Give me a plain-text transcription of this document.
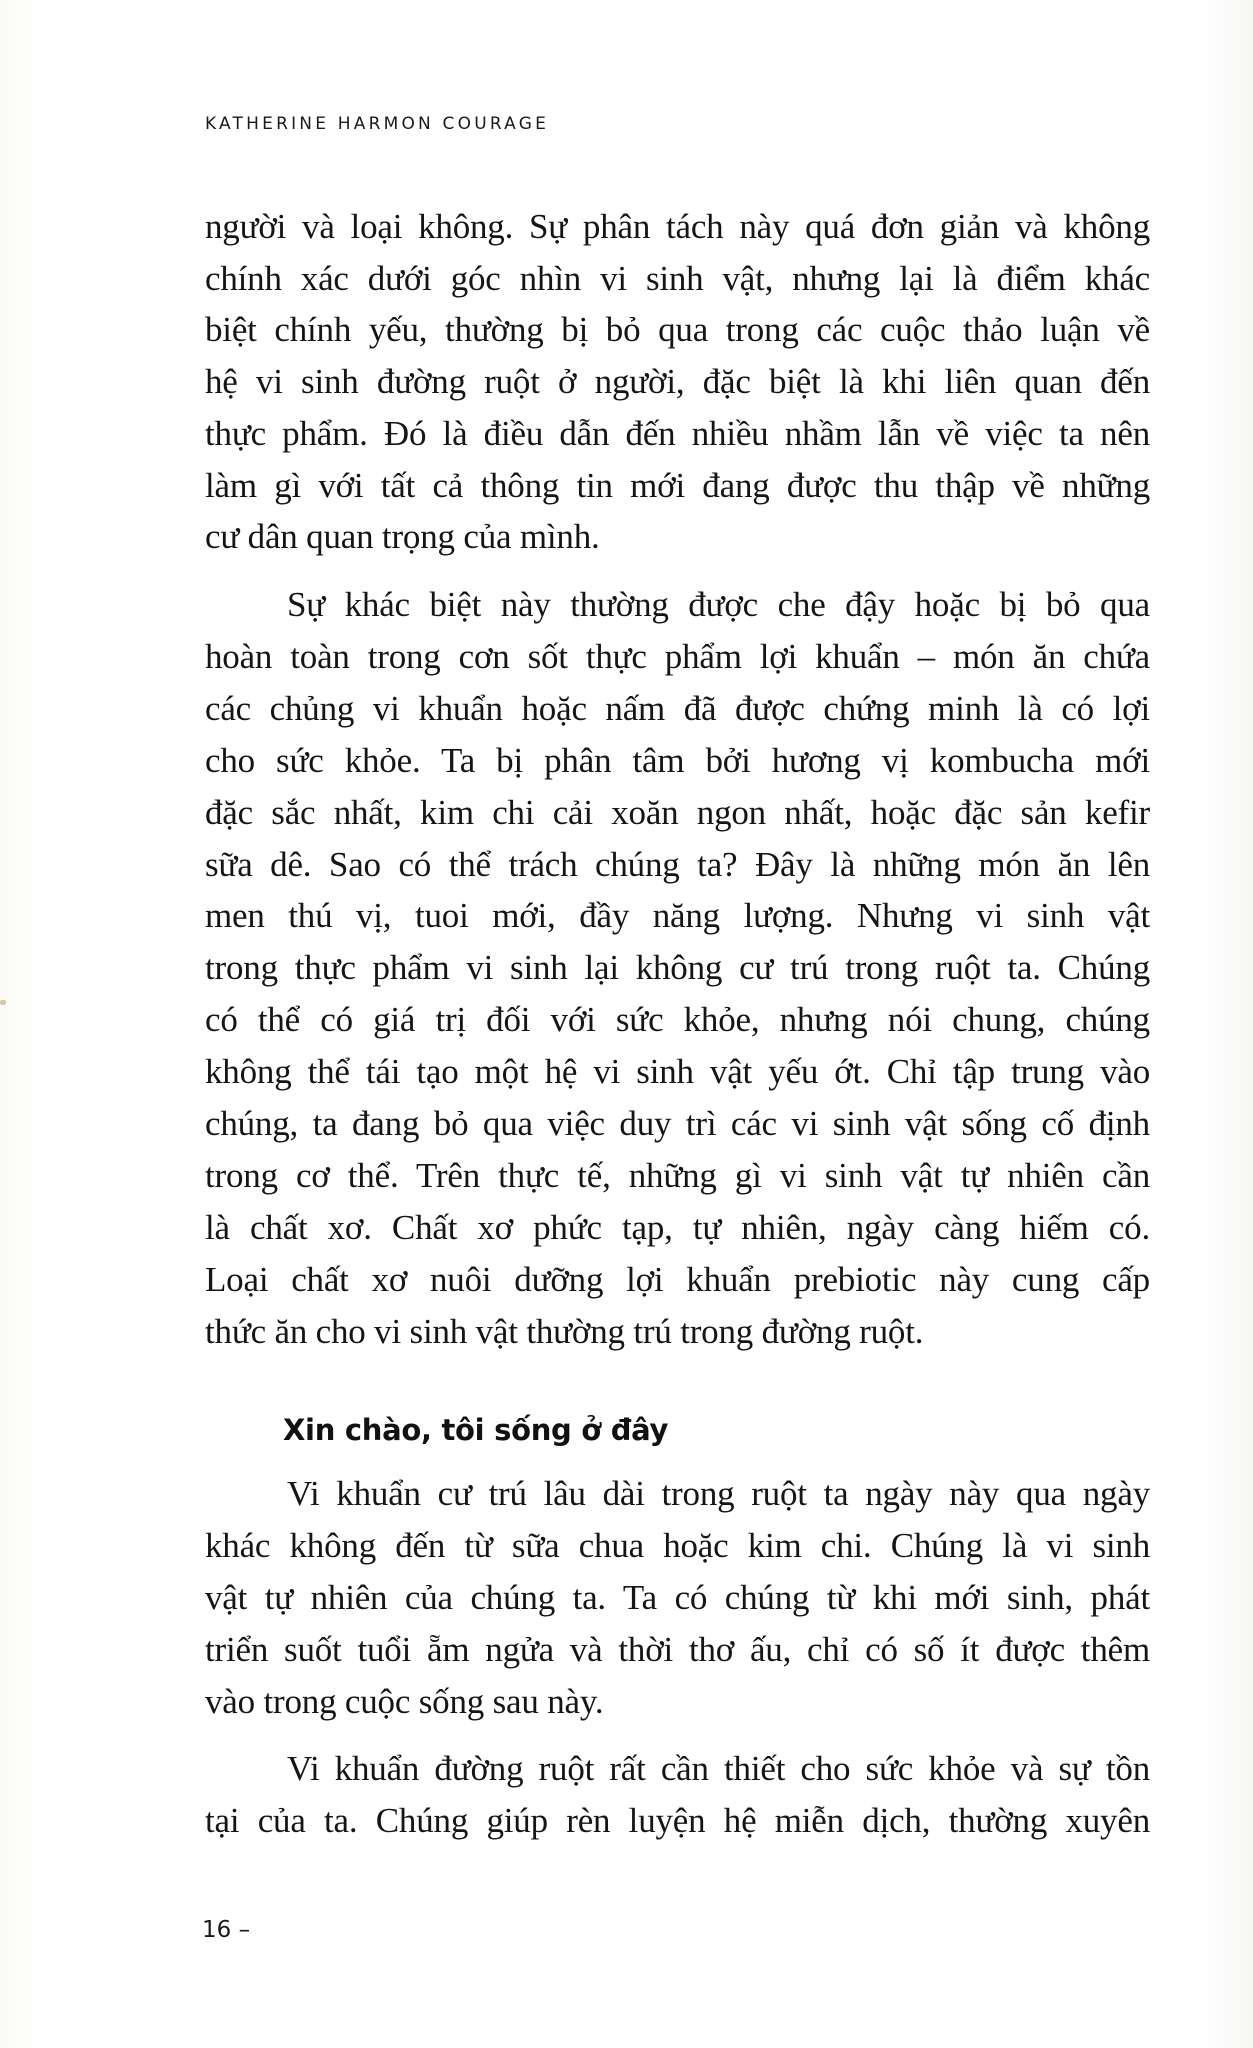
KATHERINE HARMON COURAGE
người và loại không. Sự phân tách này quá đơn giản và không
chính xác dưới góc nhìn vi sinh vật, nhưng lại là điểm khác
biệt chính yếu, thường bị bỏ qua trong các cuộc thảo luận về
hệ vi sinh đường ruột ở người, đặc biệt là khi liên quan đến
thực phẩm. Đó là điều dẫn đến nhiều nhầm lẫn về việc ta nên
làm gì với tất cả thông tin mới đang được thu thập về những
cư dân quan trọng của mình.
Sự khác biệt này thường được che đậy hoặc bị bỏ qua
hoàn toàn trong cơn sốt thực phẩm lợi khuẩn – món ăn chứa
các chủng vi khuẩn hoặc nấm đã được chứng minh là có lợi
cho sức khỏe. Ta bị phân tâm bởi hương vị kombucha mới
đặc sắc nhất, kim chi cải xoăn ngon nhất, hoặc đặc sản kefir
sữa dê. Sao có thể trách chúng ta? Đây là những món ăn lên
men thú vị, tuoi mới, đầy năng lượng. Nhưng vi sinh vật
trong thực phẩm vi sinh lại không cư trú trong ruột ta. Chúng
có thể có giá trị đối với sức khỏe, nhưng nói chung, chúng
không thể tái tạo một hệ vi sinh vật yếu ớt. Chỉ tập trung vào
chúng, ta đang bỏ qua việc duy trì các vi sinh vật sống cố định
trong cơ thể. Trên thực tế, những gì vi sinh vật tự nhiên cần
là chất xơ. Chất xơ phức tạp, tự nhiên, ngày càng hiếm có.
Loại chất xơ nuôi dưỡng lợi khuẩn prebiotic này cung cấp
thức ăn cho vi sinh vật thường trú trong đường ruột.
Xin chào, tôi sống ở đây
Vi khuẩn cư trú lâu dài trong ruột ta ngày này qua ngày
khác không đến từ sữa chua hoặc kim chi. Chúng là vi sinh
vật tự nhiên của chúng ta. Ta có chúng từ khi mới sinh, phát
triển suốt tuổi ẵm ngửa và thời thơ ấu, chỉ có số ít được thêm
vào trong cuộc sống sau này.
Vi khuẩn đường ruột rất cần thiết cho sức khỏe và sự tồn
tại của ta. Chúng giúp rèn luyện hệ miễn dịch, thường xuyên
16 –
